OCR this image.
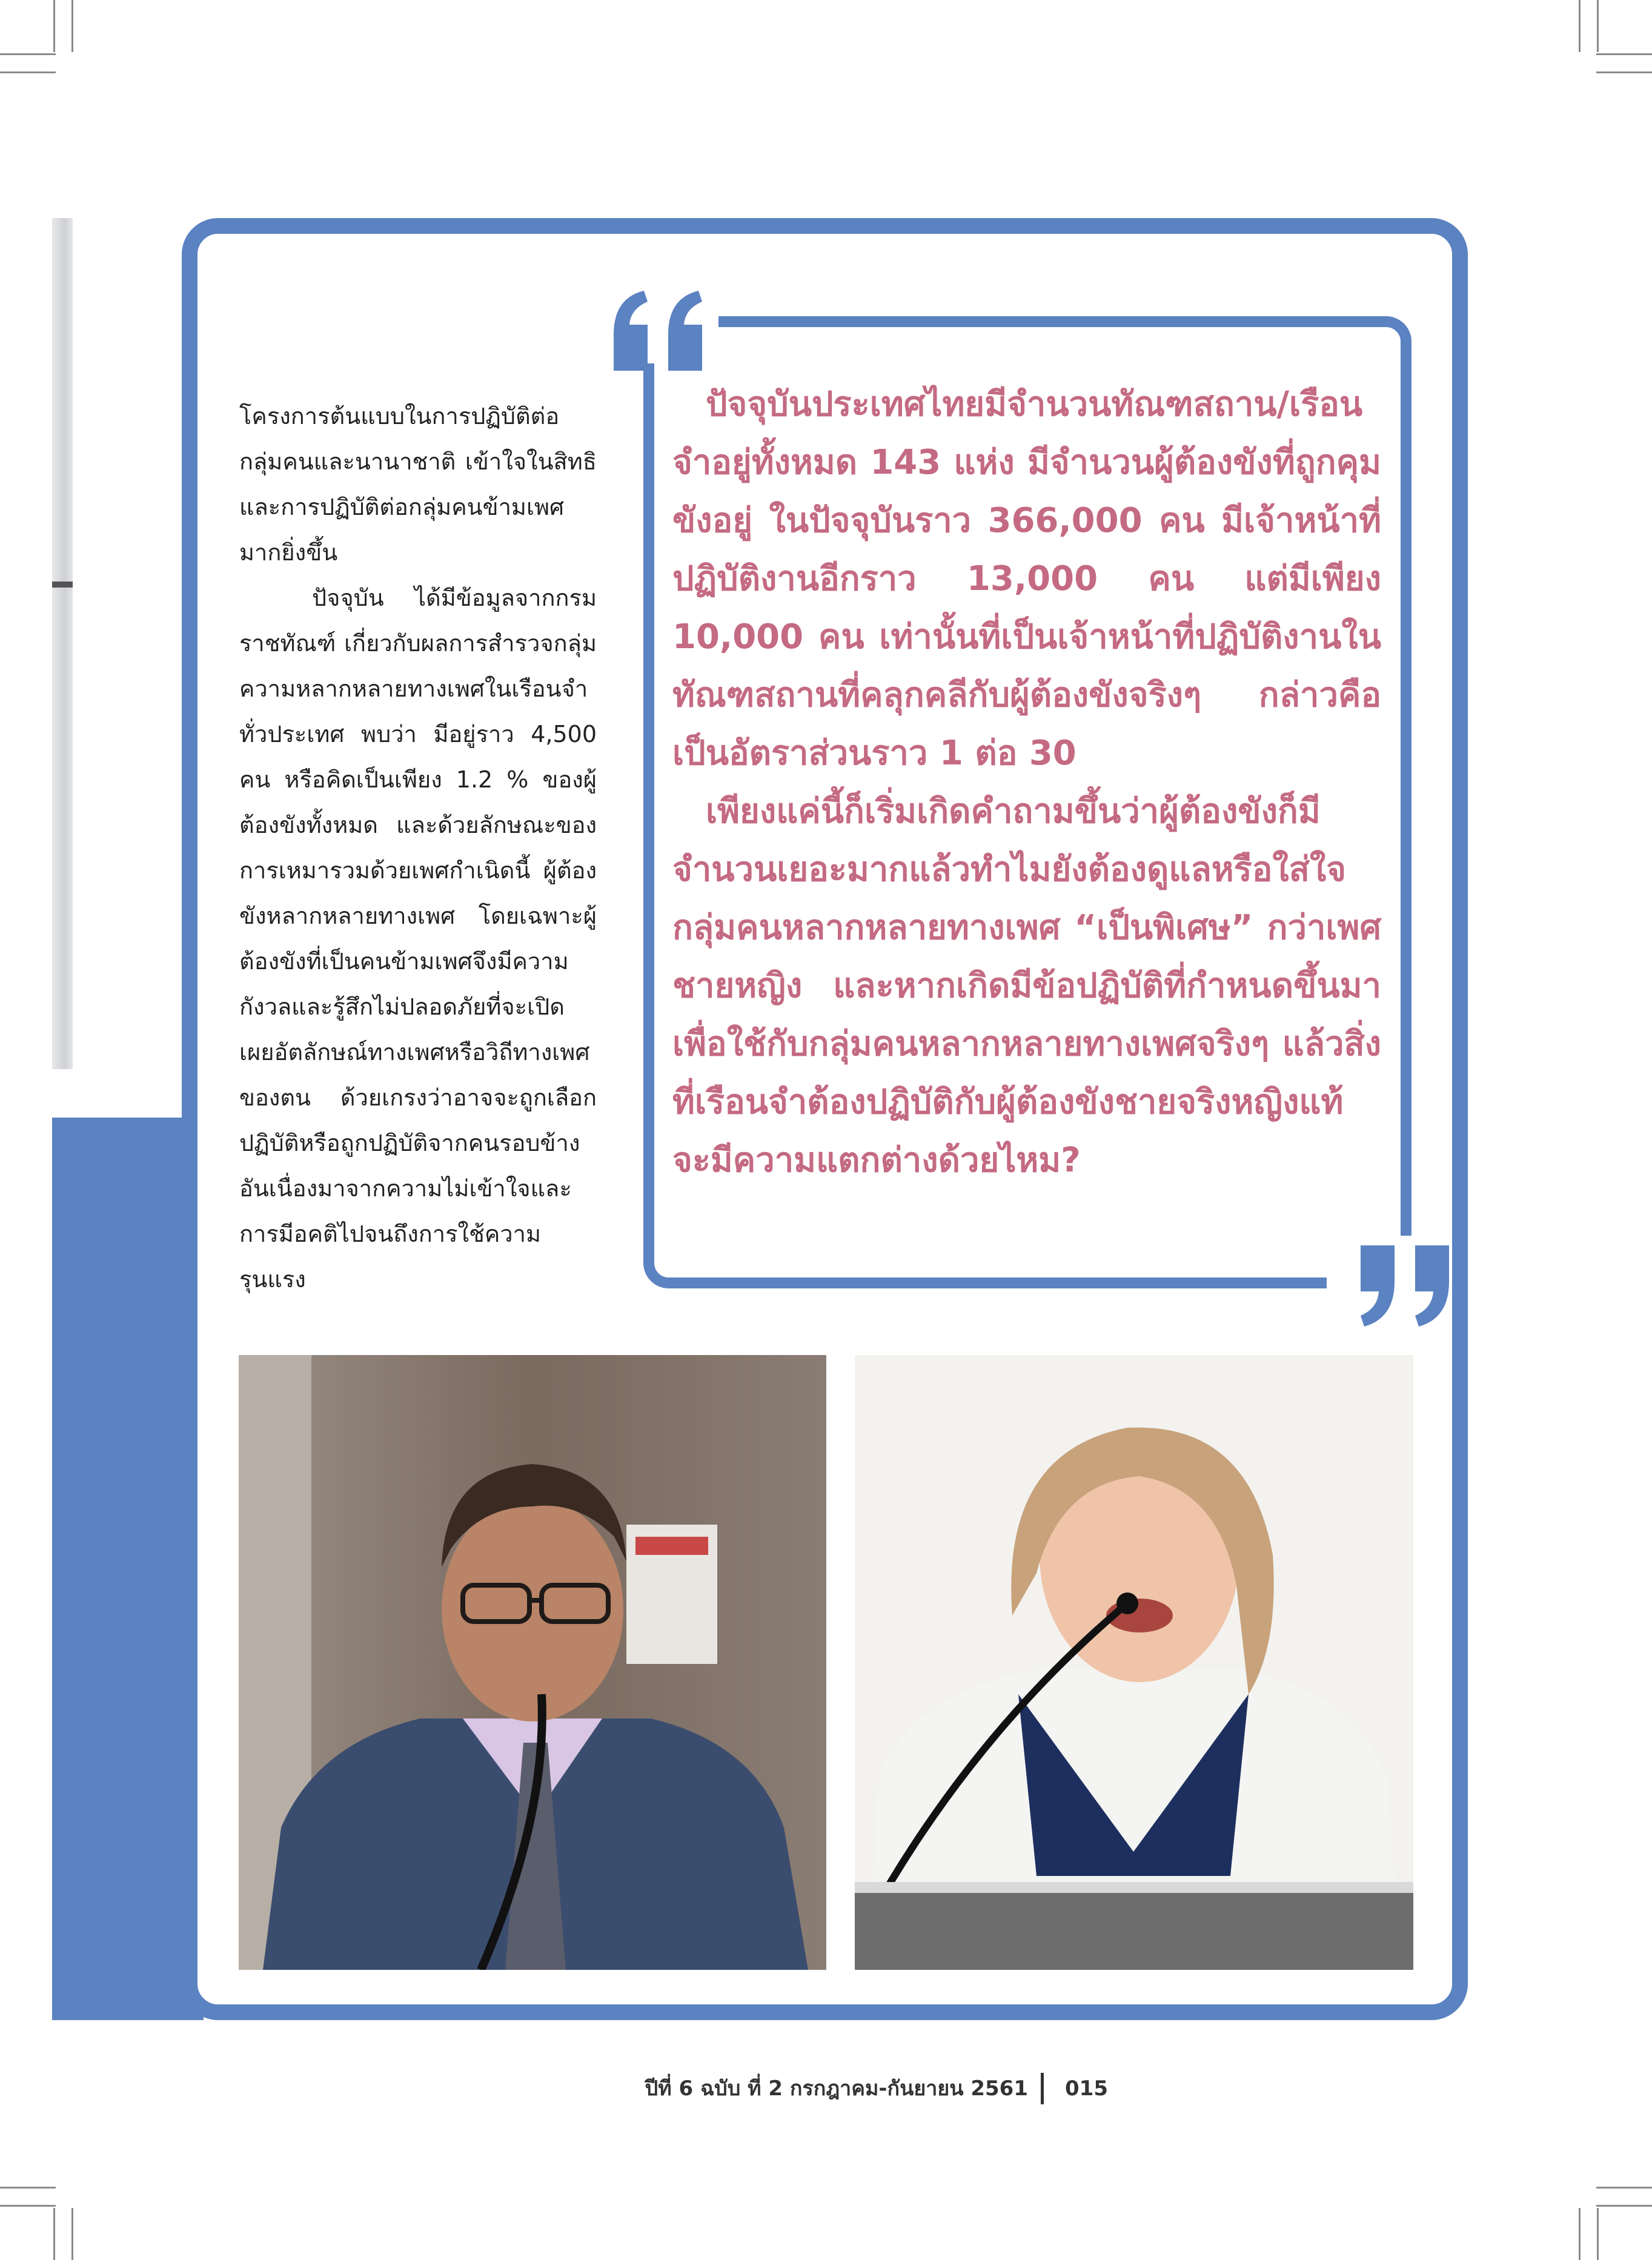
โครงการต้นแบบในการปฏิบัติต่อกลุ่มคนและนานาชาติ เข้าใจในสิทธิและการปฏิบัติต่อกลุ่มคนข้ามเพศมากยิ่งขึ้น

ปัจจุบัน ได้มีข้อมูลจากกรมราชทัณฑ์ เกี่ยวกับผลการสำรวจกลุ่มความหลากหลายทางเพศในเรือนจำทั่วประเทศ พบว่า มีอยู่ราว 4,500 คน หรือคิดเป็นเพียง 1.2 % ของผู้ต้องขังทั้งหมด และด้วยลักษณะของการเหมารวมด้วยเพศกำเนิดนี้ ผู้ต้องขังหลากหลายทางเพศ โดยเฉพาะผู้ต้องขังที่เป็นคนข้ามเพศจึงมีความกังวลและรู้สึกไม่ปลอดภัยที่จะเปิดเผยอัตลักษณ์ทางเพศหรือวิถีทางเพศของตน ด้วยเกรงว่าอาจจะถูกเลือกปฏิบัติหรือถูกปฏิบัติจากคนรอบข้างอันเนื่องมาจากความไม่เข้าใจและการมีอคติไปจนถึงการใช้ความรุนแรง

ปัจจุบันประเทศไทยมีจำนวนทัณฑสถาน/เรือนจำอยู่ทั้งหมด 143 แห่ง มีจำนวนผู้ต้องขังที่ถูกคุมขังอยู่ ในปัจจุบันราว 366,000 คน มีเจ้าหน้าที่ปฏิบัติงานอีกราว 13,000 คน แต่มีเพียง 10,000 คน เท่านั้นที่เป็นเจ้าหน้าที่ปฏิบัติงานในทัณฑสถานที่คลุกคลีกับผู้ต้องขังจริงๆ กล่าวคือเป็นอัตราส่วนราว 1 ต่อ 30

เพียงแค่นี้ก็เริ่มเกิดคำถามขึ้นว่าผู้ต้องขังก็มีจำนวนเยอะมากแล้วทำไมยังต้องดูแลหรือใส่ใจกลุ่มคนหลากหลายทางเพศ “เป็นพิเศษ” กว่าเพศชายหญิง และหากเกิดมีข้อปฏิบัติที่กำหนดขึ้นมาเพื่อใช้กับกลุ่มคนหลากหลายทางเพศจริงๆ แล้วสิ่งที่เรือนจำต้องปฏิบัติกับผู้ต้องขังชายจริงหญิงแท้จะมีความแตกต่างด้วยไหม?

ปีที่ 6 ฉบับ ที่ 2 กรกฎาคม-กันยายน 2561 015
